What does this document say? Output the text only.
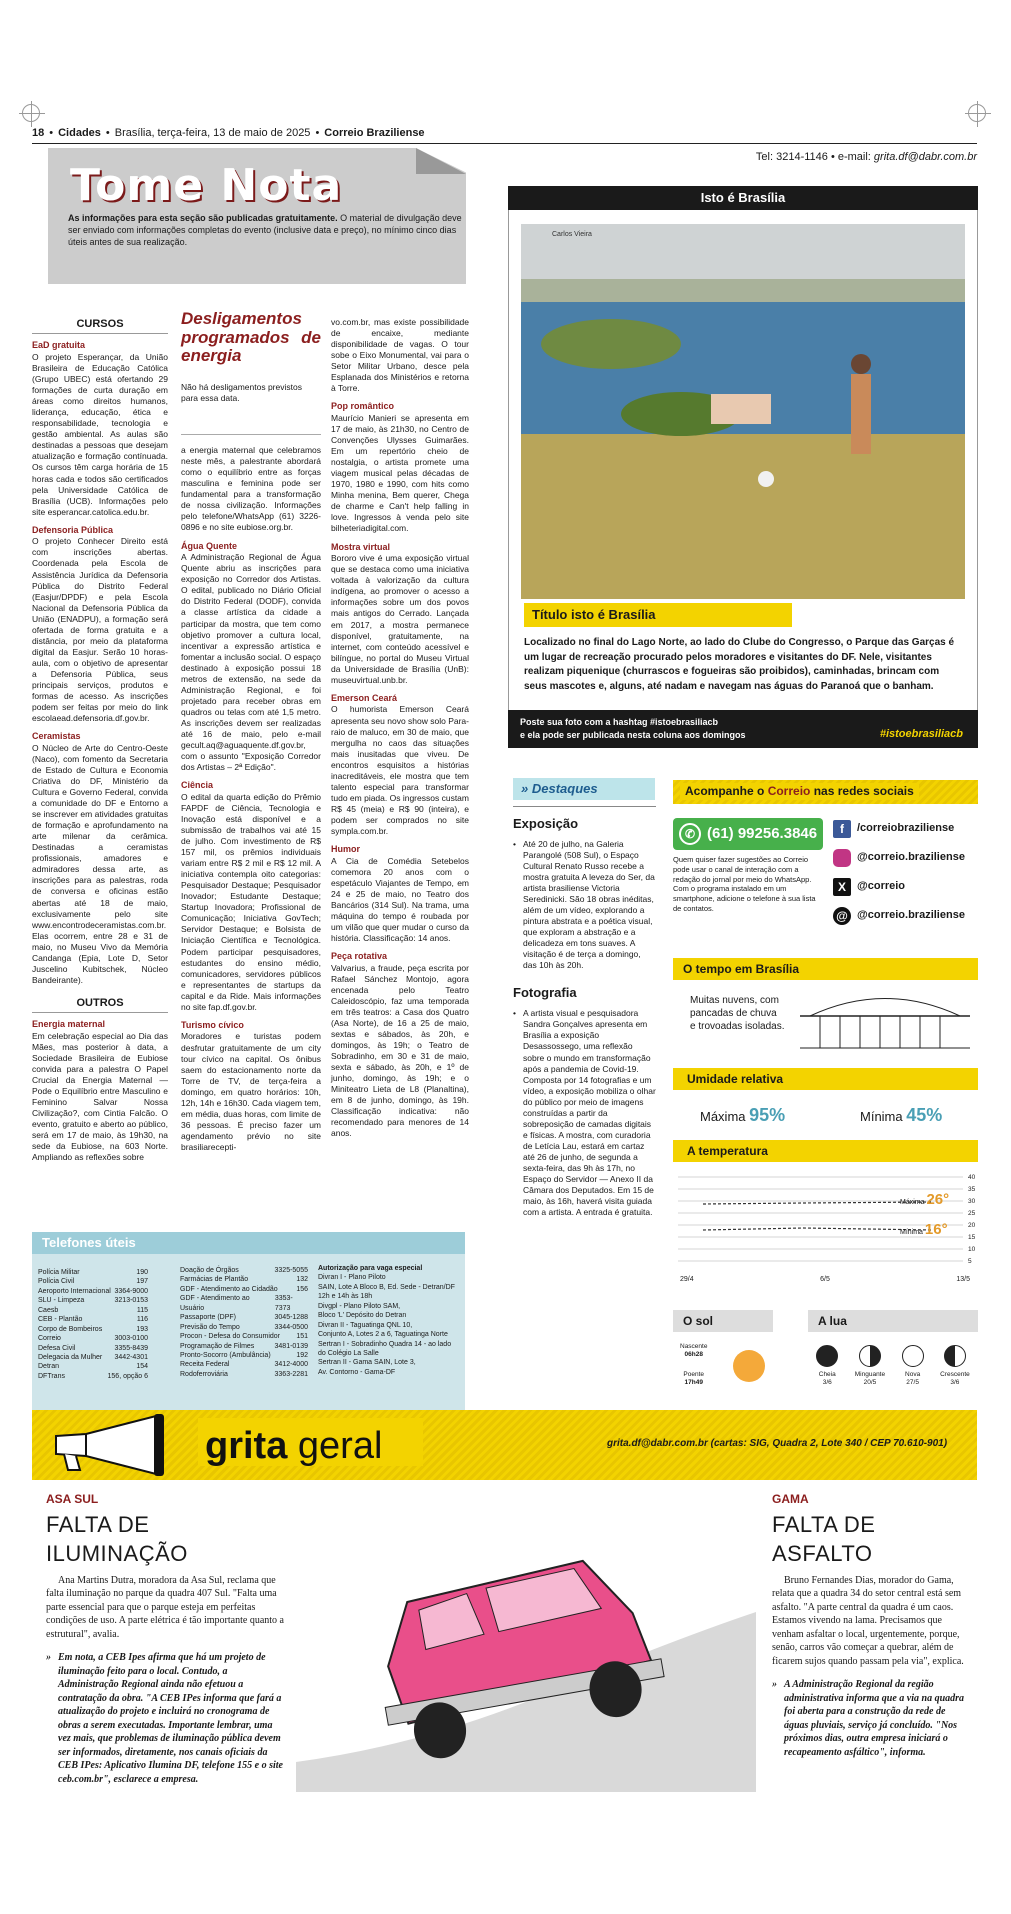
18 • Cidades • Brasília, terça-feira, 13 de maio de 2025 • Correio Braziliense
Tel: 3214-1146 • e-mail: grita.df@dabr.com.br
Tome Nota
As informações para esta seção são publicadas gratuitamente. O material de divulgação deve ser enviado com informações completas do evento (inclusive data e preço), no mínimo cinco dias úteis antes de sua realização.
CURSOS
EaD gratuita

O projeto Esperançar, da União Brasileira de Educação Católica (Grupo UBEC) está ofertando 29 formações de curta duração em áreas como direitos humanos, liderança, educação, ética e responsabilidade, tecnologia e gestão ambiental. As aulas são destinadas a pessoas que desejam atualização e formação contínuada. Os cursos têm carga horária de 15 horas cada e todos são certificados pela Universidade Católica de Brasília (UCB). Informações pelo site esperancar.catolica.edu.br.

Defensoria Pública

O projeto Conhecer Direito está com inscrições abertas. Coordenada pela Escola de Assistência Jurídica da Defensoria Pública do Distrito Federal (Easjur/DPDF) e pela Escola Nacional da Defensoria Pública da União (ENADPU), a formação será ofertada de forma gratuita e a distância, por meio da plataforma digital da Easjur. Serão 10 horas-aula, com o objetivo de apresentar a Defensoria Pública, seus principais serviços, produtos e formas de acesso. As inscrições podem ser feitas por meio do link escolaead.defensoria.df.gov.br.

Ceramistas

O Núcleo de Arte do Centro-Oeste (Naco), com fomento da Secretaria de Estado de Cultura e Economia Criativa do DF, Ministério da Cultura e Governo Federal, convida a comunidade do DF e Entorno a se inscrever em atividades gratuitas de formação e aprofundamento na arte milenar da cerâmica. Destinadas a ceramistas profissionais, amadores e admiradores dessa arte, as inscrições para as palestras, roda de conversa e oficinas estão abertas até 18 de maio, exclusivamente pelo site www.encontrodeceramistas.com.br. Elas ocorrem, entre 28 e 31 de maio, no Museu Vivo da Memória Candanga (Epia, Lote D, Setor Juscelino Kubitschek, Núcleo Bandeirante).

OUTROS
Energia maternal

Em celebração especial ao Dia das Mães, mas posterior à data, a Sociedade Brasileira de Eubiose convida para a palestra O Papel Crucial da Energia Maternal — Pode o Equilíbrio entre Masculino e Feminino Salvar Nossa Civilização?, com Cintia Falcão. O evento, gratuito e aberto ao público, será em 17 de maio, às 19h30, na sede da Eubiose, na 603 Norte. Ampliando as reflexões sobre

Desligamentos programados de energia

Não há desligamentos previstos para essa data.

a energia maternal que celebramos neste mês, a palestrante abordará como o equilíbrio entre as forças masculina e feminina pode ser fundamental para a transformação de nossa civilização. Informações pelo telefone/WhatsApp (61) 3226-0896 e no site eubiose.org.br.

Água Quente

A Administração Regional de Água Quente abriu as inscrições para exposição no Corredor dos Artistas. O edital, publicado no Diário Oficial do Distrito Federal (DODF), convida a classe artística da cidade a participar da mostra, que tem como objetivo promover a cultura local, incentivar a expressão artística e fomentar a inclusão social. O espaço destinado à exposição possui 18 metros de extensão, na sede da Administração Regional, e foi projetado para receber obras em quadros ou telas com até 1,5 metro. As inscrições devem ser realizadas até 16 de maio, pelo e-mail gecult.aq@aguaquente.df.gov.br, com o assunto "Exposição Corredor dos Artistas – 2ª Edição".

Ciência

O edital da quarta edição do Prêmio FAPDF de Ciência, Tecnologia e Inovação está disponível e a submissão de trabalhos vai até 15 de julho. Com investimento de R$ 157 mil, os prêmios individuais variam entre R$ 2 mil e R$ 12 mil. A iniciativa contempla oito categorias: Pesquisador Destaque; Pesquisador Inovador; Estudante Destaque; Startup Inovadora; Profissional de Comunicação; Iniciativa GovTech; Servidor Destaque; e Bolsista de Iniciação Científica e Tecnológica. Podem participar pesquisadores, estudantes do ensino médio, comunicadores, servidores públicos e representantes de startups da capital e da Ride. Mais informações no site fap.df.gov.br.

Turismo cívico

Moradores e turistas podem desfrutar gratuitamente de um city tour cívico na capital. Os ônibus saem do estacionamento norte da Torre de TV, de terça-feira a domingo, em quatro horários: 10h, 12h, 14h e 16h30. Cada viagem tem, em média, duas horas, com limite de 36 pessoas. É preciso fazer um agendamento prévio no site brasiliarecepti-

vo.com.br, mas existe possibilidade de encaixe, mediante disponibilidade de vagas. O tour sobe o Eixo Monumental, vai para o Setor Militar Urbano, desce pela Esplanada dos Ministérios e retorna à Torre.

Pop romântico

Maurício Manieri se apresenta em 17 de maio, às 21h30, no Centro de Convenções Ulysses Guimarães. Em um repertório cheio de nostalgia, o artista promete uma viagem musical pelas décadas de 1970, 1980 e 1990, com hits como Minha menina, Bem querer, Chega de charme e Can't help falling in love. Ingressos à venda pelo site bilheteriadigital.com.

Mostra virtual

Bororo vive é uma exposição virtual que se destaca como uma iniciativa voltada à valorização da cultura indígena, ao promover o acesso a informações sobre um dos povos mais antigos do Cerrado. Lançada em 2017, a mostra permanece disponível, gratuitamente, na internet, com conteúdo acessível e bilíngue, no portal do Museu Virtual da Universidade de Brasília (UnB): museuvirtual.unb.br.

Emerson Ceará

O humorista Emerson Ceará apresenta seu novo show solo Para-raio de maluco, em 30 de maio, que mergulha no caos das situações mais inusitadas que viveu. De encontros esquisitos a histórias inacreditáveis, ele mostra que tem talento especial para transformar tudo em piada. Os ingressos custam R$ 45 (meia) e R$ 90 (inteira), e podem ser comprados no site sympla.com.br.

Humor

A Cia de Comédia Setebelos comemora 20 anos com o espetáculo Viajantes de Tempo, em 24 e 25 de maio, no Teatro dos Bancários (314 Sul). Na trama, uma máquina do tempo é roubada por um vilão que quer mudar o curso da história. Classificação: 14 anos.

Peça rotativa

Valvarius, a fraude, peça escrita por Rafael Sánchez Montojo, agora encenada pelo Teatro Caleidoscópio, faz uma temporada em três teatros: a Casa dos Quatro (Asa Norte), de 16 a 25 de maio, sextas e sábados, às 20h, e domingos, às 19h; o Teatro de Sobradinho, em 30 e 31 de maio, sexta e sábado, às 20h, e 1º de junho, domingo, às 19h; e o Miniteatro Lieta de L8 (Planaltina), em 8 de junho, domingo, às 19h. Classificação indicativa: não recomendado para menores de 14 anos.

Isto é Brasília
Carlos Vieira
Título isto é Brasília
Localizado no final do Lago Norte, ao lado do Clube do Congresso, o Parque das Garças é um lugar de recreação procurado pelos moradores e visitantes do DF. Nele, visitantes realizam piquenique (churrascos e fogueiras são proibidos), caminhadas, brincam com seus mascotes e, alguns, até nadam e navegam nas águas do Paranoá que o banham.
Poste sua foto com a hashtag #istoebrasiliacb
e ela pode ser publicada nesta coluna aos domingos	#istoebrasiliacb
» Destaques
Exposição

• Até 20 de julho, na Galeria Parangolé (508 Sul), o Espaço Cultural Renato Russo recebe a mostra gratuita A leveza do Ser, da artista brasiliense Victoria Seredinicki. São 18 obras inéditas, além de um vídeo, explorando a pintura abstrata e a poética visual, que exploram a abstração e a delicadeza em tons suaves. A visitação é de terça a domingo, das 10h às 20h.

Fotografia

• A artista visual e pesquisadora Sandra Gonçalves apresenta em Brasília a exposição Desassossego, uma reflexão sobre o mundo em transformação após a pandemia de Covid-19. Composta por 14 fotografias e um vídeo, a exposição mobiliza o olhar do público por meio de imagens construídas a partir da sobreposição de camadas digitais e físicas. A mostra, com curadoria de Letícia Lau, estará em cartaz até 26 de junho, de segunda a sexta-feira, das 9h às 17h, no Espaço do Servidor — Anexo II da Câmara dos Deputados. Em 15 de maio, às 16h, haverá visita guiada com a artista. A entrada é gratuita.

Acompanhe o Correio nas redes sociais
✆ (61) 99256.3846
Quem quiser fazer sugestões ao Correio pode usar o canal de interação com a redação do jornal por meio do WhatsApp. Com o programa instalado em um smartphone, adicione o telefone à sua lista de contatos.
f	/correiobraziliense
@correio.braziliense
X	@correio
@ @correio.braziliense
O tempo em Brasília
Muitas nuvens, com pancadas de chuva e trovoadas isoladas.
Umidade relativa
Máxima 95%	Mínima 45%
A temperatura
Máxima 26°
Mínima 16°
40
35
30
25
20
15
10
5
29/4	6/5	13/5
O sol	A lua
Nascente
06h28
Poente
17h49
Cheia
3/6
Minguante
20/5
Nova
27/5
Crescente
3/6
Telefones úteis
Polícia Militar	190
Polícia Civil	197
Aeroporto Internacional 3364-9000
SLU - Limpeza	3213-0153
Caesb	115
CEB - Plantão	116
Corpo de Bombeiros	193
Correio	3003-0100
Defesa Civil	3355-8439
Delegacia da Mulher 3442-4301
Detran	154
DFTrans	156, opção 6
Doação de Órgãos	3325-5055
Farmácias de Plantão	132
GDF - Atendimento ao Cidadão	156
GDF - Atendimento ao Usuário
3353-7373
Passaporte (DPF)	3045-1288
Previsão do Tempo	3344-0500
Procon - Defesa do Consumidor 151
Programação de Filmes	3481-0139
Pronto-Socorro (Ambulância)	192
Receita Federal	3412-4000
Rodoferroviária	3363-2281
Autorização para vaga especial
Divran I - Plano Piloto
SAIN, Lote A Bloco B, Ed. Sede - Detran/DF 12h e 14h às 18h
Divgpl - Plano Piloto SAM,
Bloco 'L' Depósito do Detran
Divran II - Taguatinga QNL 10,
Conjunto A, Lotes 2 a 6, Taguatinga Norte
Sertran I - Sobradinho Quadra 14 - ao lado do Colégio La Salle
Sertran II - Gama SAIN, Lote 3,
Av. Contorno - Gama-DF
grita geral	grita.df@dabr.com.br (cartas: SIG, Quadra 2, Lote 340 / CEP 70.610-901)
ASA SUL
FALTA DE ILUMINAÇÃO

Ana Martins Dutra, moradora da Asa Sul, reclama que falta iluminação no parque da quadra 407 Sul. "Falta uma parte essencial para que o parque esteja em perfeitas condições de uso. A parte elétrica é tão importante quanto a estrutural", avalia.

» Em nota, a CEB Ipes afirma que há um projeto de iluminação feito para o local. Contudo, a Administração Regional ainda não efetuou a contratação da obra. "A CEB IPes informa que fará a atualização do projeto e incluirá no cronograma de obras a serem executadas. Importante lembrar, uma vez mais, que problemas de iluminação pública devem ser informados, diretamente, nos canais oficiais da CEB IPes: Aplicativo Ilumina DF, telefone 155 e o site ceb.com.br", esclarece a empresa.

GAMA
FALTA DE ASFALTO

Bruno Fernandes Dias, morador do Gama, relata que a quadra 34 do setor central está sem asfalto. "A parte central da quadra é um caos. Estamos vivendo na lama. Precisamos que venham asfaltar o local, urgentemente, porque, senão, carros vão começar a quebrar, além de ficarem sujos quando passam pela via", explica.

» A Administração Regional da região administrativa informa que a via na quadra foi aberta para a construção da rede de águas pluviais, serviço já concluído. "Nos próximos dias, outra empresa iniciará o recapeamento asfáltico", informa.
